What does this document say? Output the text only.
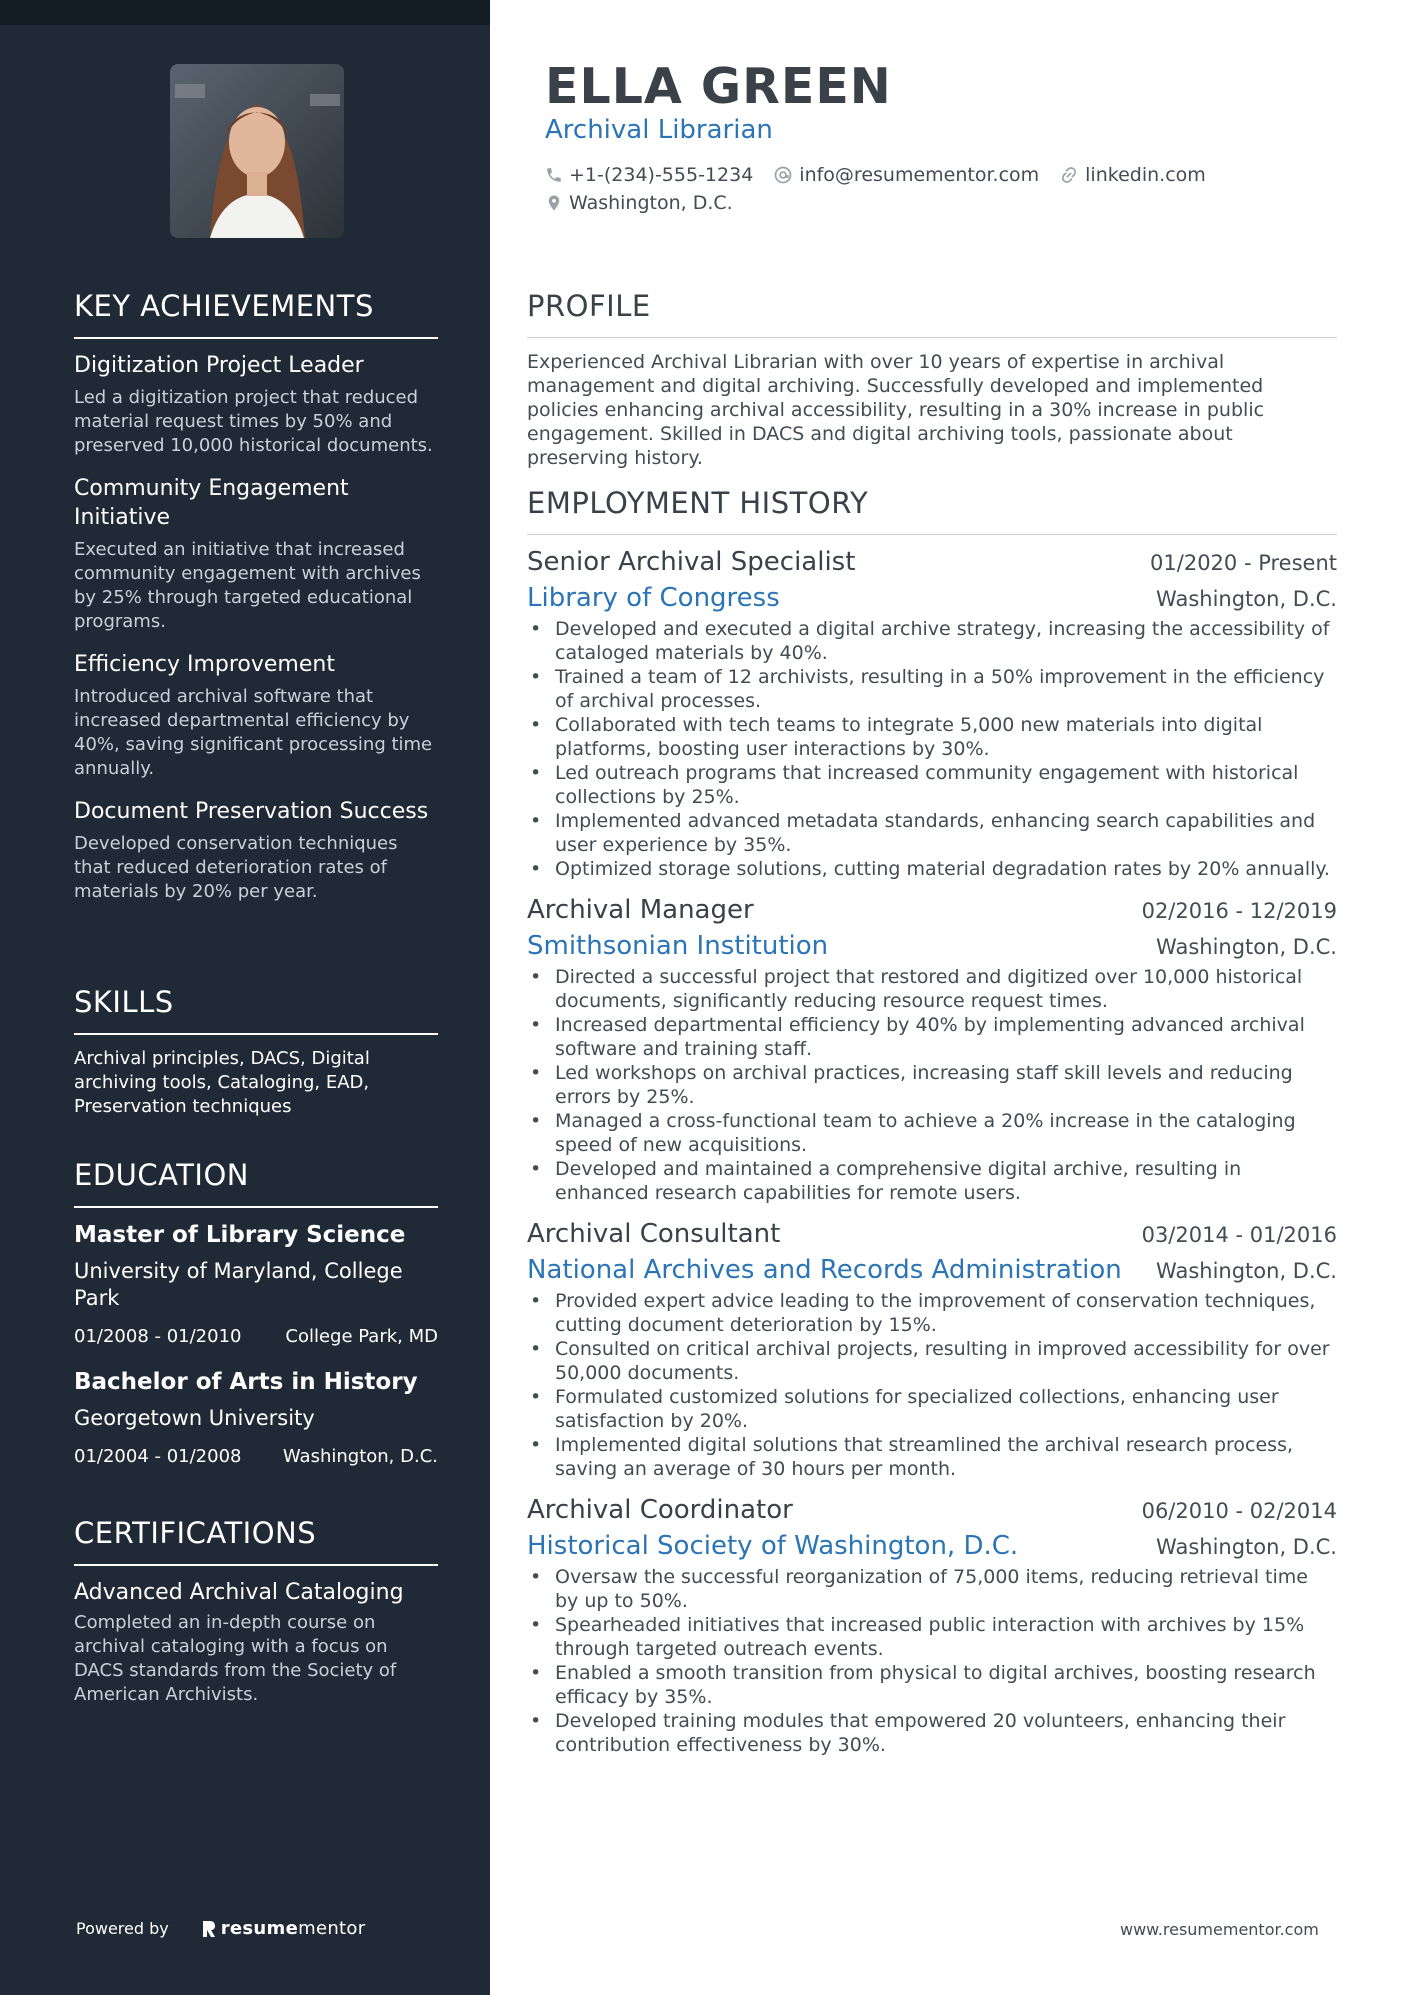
KEY ACHIEVEMENTS
Digitization Project Leader
Led a digitization project that reduced material request times by 50% and preserved 10,000 historical documents.
Community Engagement Initiative
Executed an initiative that increased community engagement with archives by 25% through targeted educational programs.
Efficiency Improvement
Introduced archival software that increased departmental efficiency by 40%, saving significant processing time annually.
Document Preservation Success
Developed conservation techniques that reduced deterioration rates of materials by 20% per year.
SKILLS
Archival principles, DACS, Digital archiving tools, Cataloging, EAD, Preservation techniques
EDUCATION
Master of Library Science
University of Maryland, College Park
01/2008 - 01/2010 College Park, MD
Bachelor of Arts in History
Georgetown University
01/2004 - 01/2008 Washington, D.C.
CERTIFICATIONS
Advanced Archival Cataloging
Completed an in-depth course on archival cataloging with a focus on DACS standards from the Society of American Archivists.
Powered by	resume mentor
ELLA GREEN
Archival Librarian
+1-(234)-555-1234 info@resumementor.com linkedin.com
Washington, D.C.
PROFILE
Experienced Archival Librarian with over 10 years of expertise in archival management and digital archiving. Successfully developed and implemented policies enhancing archival accessibility, resulting in a 30% increase in public engagement. Skilled in DACS and digital archiving tools, passionate about preserving history.
EMPLOYMENT HISTORY
Senior Archival Specialist	01/2020 - Present
Library of Congress	Washington, D.C.
• Developed and executed a digital archive strategy, increasing the accessibility of cataloged materials by 40%.
• Trained a team of 12 archivists, resulting in a 50% improvement in the efficiency of archival processes.
• Collaborated with tech teams to integrate 5,000 new materials into digital platforms, boosting user interactions by 30%.
• Led outreach programs that increased community engagement with historical collections by 25%.
• Implemented advanced metadata standards, enhancing search capabilities and user experience by 35%.
• Optimized storage solutions, cutting material degradation rates by 20% annually.
Archival Manager	02/2016 - 12/2019
Smithsonian Institution	Washington, D.C.
• Directed a successful project that restored and digitized over 10,000 historical documents, significantly reducing resource request times.
• Increased departmental efficiency by 40% by implementing advanced archival software and training staff.
• Led workshops on archival practices, increasing staff skill levels and reducing errors by 25%.
• Managed a cross-functional team to achieve a 20% increase in the cataloging speed of new acquisitions.
• Developed and maintained a comprehensive digital archive, resulting in enhanced research capabilities for remote users.
Archival Consultant	03/2014 - 01/2016
National Archives and Records Administration Washington, D.C.
• Provided expert advice leading to the improvement of conservation techniques, cutting document deterioration by 15%.
• Consulted on critical archival projects, resulting in improved accessibility for over 50,000 documents.
• Formulated customized solutions for specialized collections, enhancing user satisfaction by 20%.
• Implemented digital solutions that streamlined the archival research process, saving an average of 30 hours per month.
Archival Coordinator	06/2010 - 02/2014
Historical Society of Washington, D.C.	Washington, D.C.
• Oversaw the successful reorganization of 75,000 items, reducing retrieval time by up to 50%.
• Spearheaded initiatives that increased public interaction with archives by 15% through targeted outreach events.
• Enabled a smooth transition from physical to digital archives, boosting research efficacy by 35%.
• Developed training modules that empowered 20 volunteers, enhancing their contribution effectiveness by 30%.
www.resumementor.com
